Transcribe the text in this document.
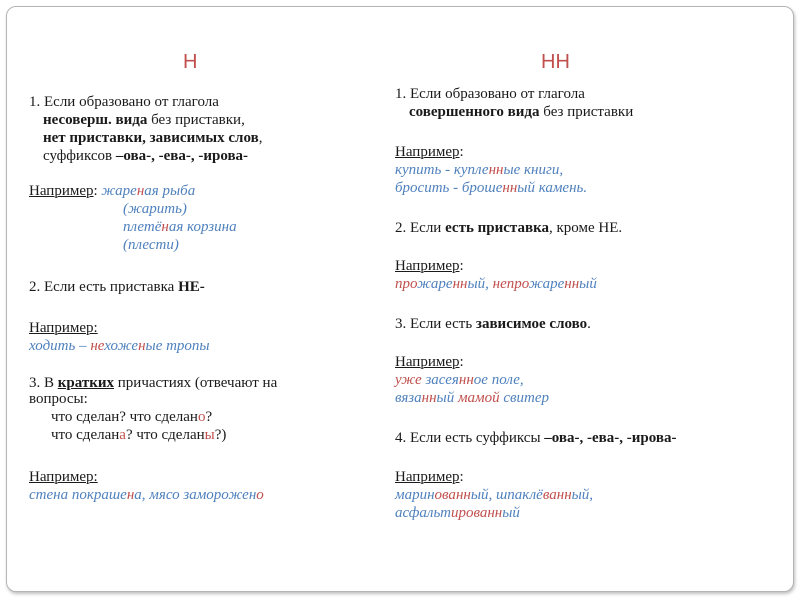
Н
1. Если образовано от глагола
несоверш. вида без приставки,
нет приставки, зависимых слов,
суффиксов –ова-, -ева-, -ирова-
Например: жареная рыба
(жарить)
плетёная корзина
(плести)
2. Если есть приставка НЕ-
Например:
ходить – нехоженые тропы
3. В кратких причастиях (отвечают на
вопросы:
что сделан? что сделано?
что сделана? что сделаны?)
Например:
стена покрашена, мясо заморожено
НН
1. Если образовано от глагола
совершенного вида без приставки
Например:
купить - купленные книги,
бросить - брошенный камень.
2. Если есть приставка, кроме НЕ.
Например:
прожаренный, непрожаренный
3. Если есть зависимое слово.
Например:
уже засеянное поле,
вязанный мамой свитер
4. Если есть суффиксы –ова-, -ева-, -ирова-
Например:
маринованный, шпаклёванный,
асфальтированный
